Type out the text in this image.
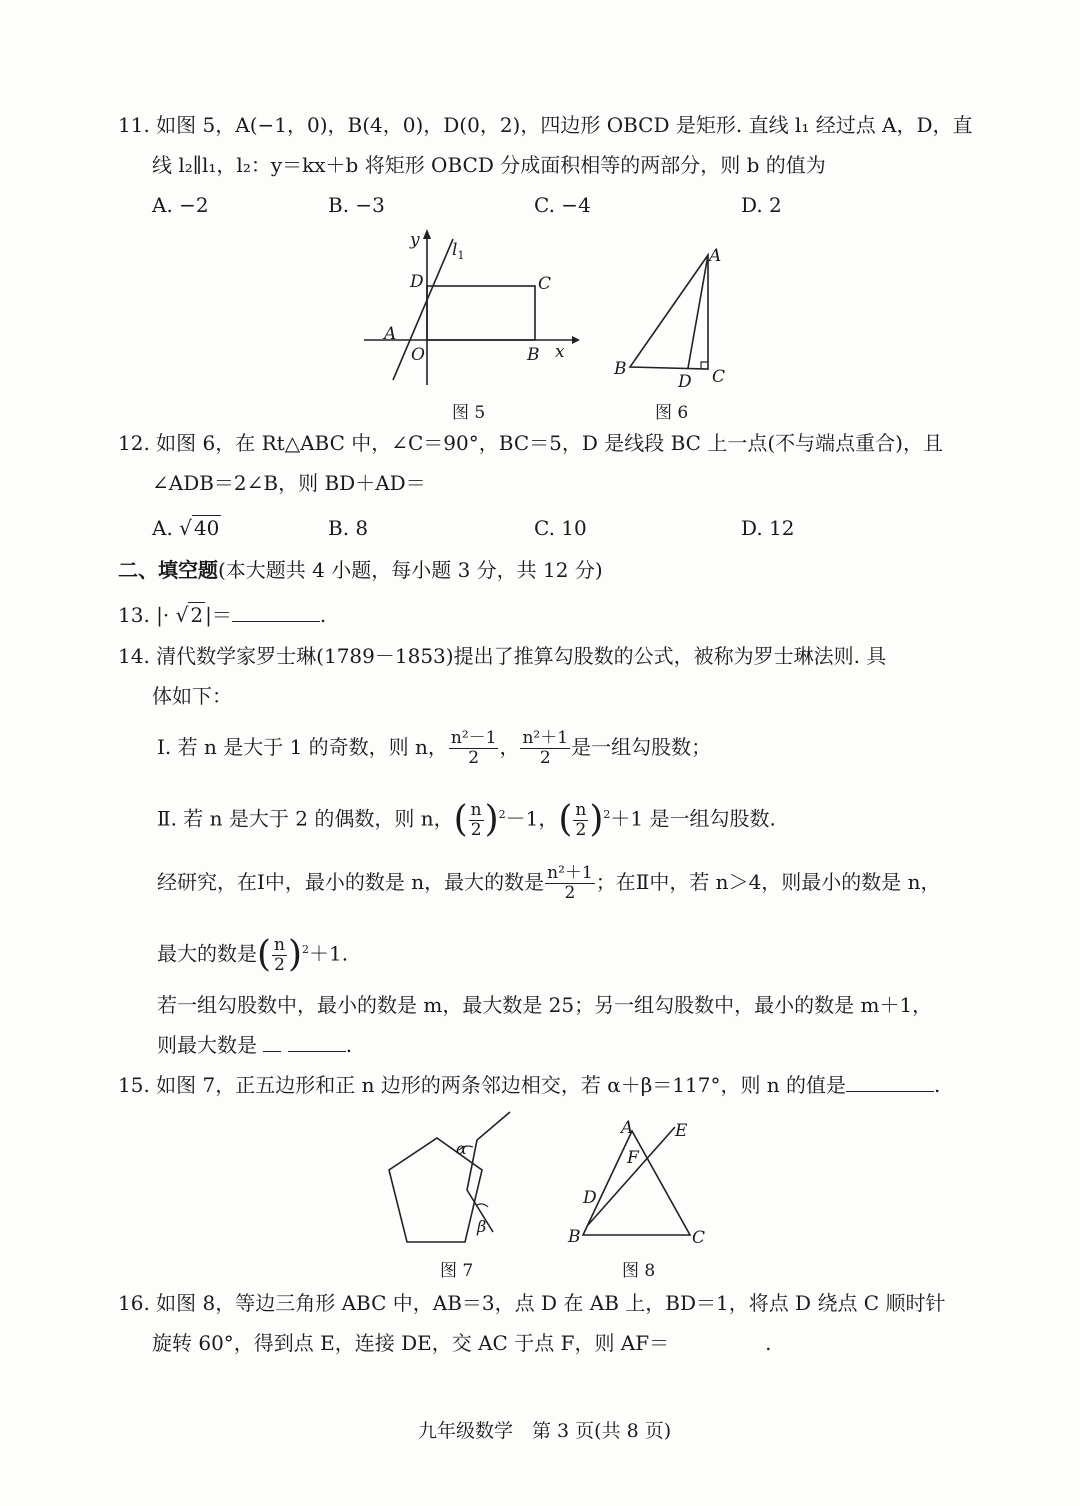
11. 如图 5，A(−1，0)，B(4，0)，D(0，2)，四边形 OBCD 是矩形. 直线 l₁ 经过点 A，D，直
线 l₂∥l₁，l₂：y＝kx＋b 将矩形 OBCD 分成面积相等的两部分，则 b 的值为
A. −2	B. −3	C. −4	D. 2
y $l_1$
D	C
A
O	B x
图 5
A
B
D C
图 6
12. 如图 6，在 Rt△ABC 中，∠C＝90°，BC＝5，D 是线段 BC 上一点(不与端点重合)，且
∠ADB＝2∠B，则 BD＋AD＝
A. √ 40	B. 8	C. 10	D. 12
二、填空题(本大题共 4 小题，每小题 3 分，共 12 分)
13. |· √ 2 |＝	.
14. 清代数学家罗士琳(1789－1853)提出了推算勾股数的公式，被称为罗士琳法则. 具
体如下：
Ⅰ. 若 n 是大于 1 的奇数，则 n， $\frac{\text{n²－1}}{2}$ ， $\frac{\text{n²＋1}}{2}$ 是一组勾股数；
Ⅱ. 若 n 是大于 2 的偶数，则 n，( $\frac{n}{2} )^2-1$，( $\frac{n}{2} )^2+1$ 是一组勾股数.
经研究，在Ⅰ中，最小的数是 n，最大的数是 $\frac{\text{n²＋1}}{2}$ ；在Ⅱ中，若 n＞4，则最小的数是 n，
最大的数是( $\frac{n}{2} )^2+1$.
若一组勾股数中，最小的数是 m，最大数是 25；另一组勾股数中，最小的数是 m＋1，
则最大数是	.
15. 如图 7，正五边形和正 n 边形的两条邻边相交，若 α＋β＝117°，则 n 的值是	.
α
β
图 7
A E
F
D
B	C
图 8
16. 如图 8，等边三角形 ABC 中，AB＝3，点 D 在 AB 上，BD＝1，将点 D 绕点 C 顺时针
旋转 60°，得到点 E，连接 DE，交 AC 于点 F，则 AF＝	.
九年级数学　第 3 页(共 8 页)
